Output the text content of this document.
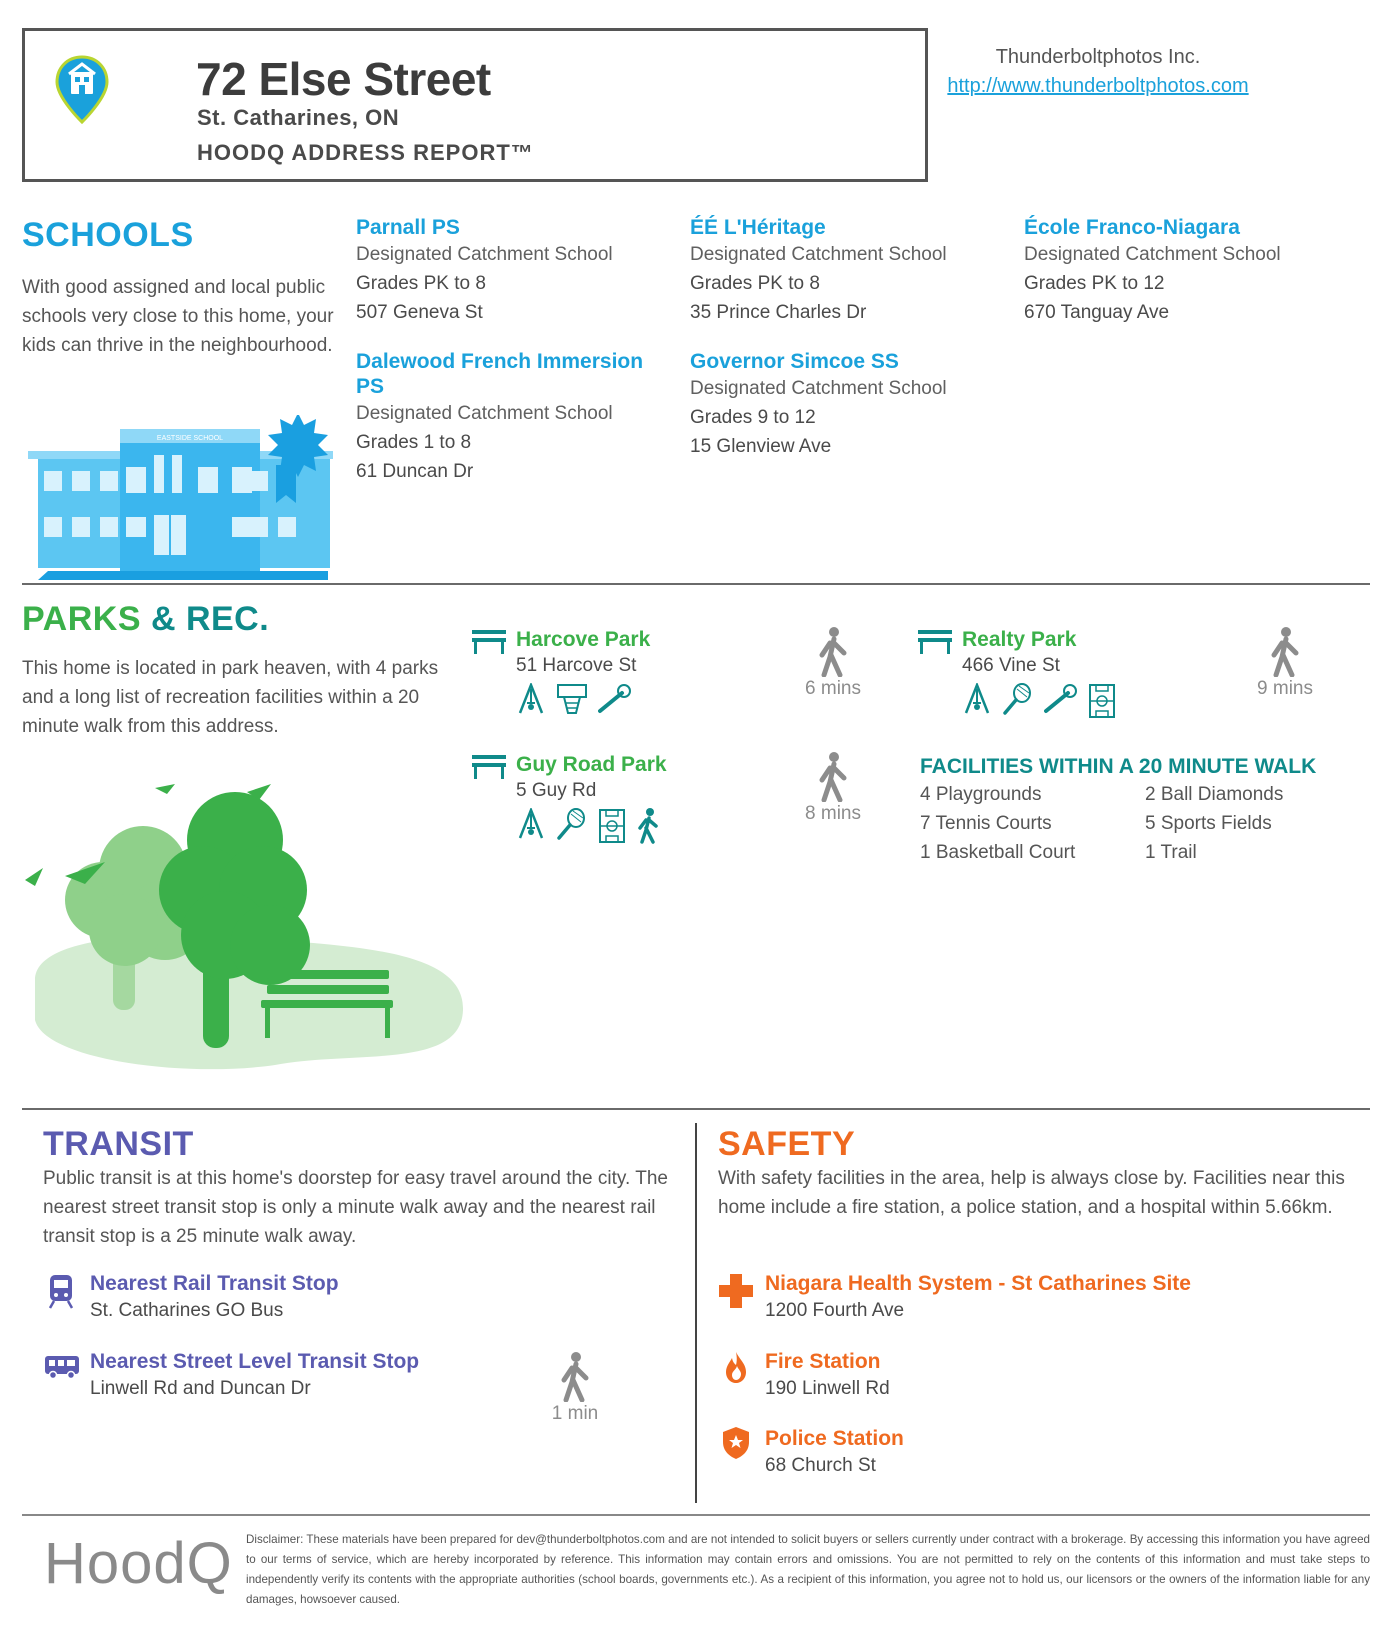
72 Else Street
St. Catharines, ON
HOODQ ADDRESS REPORT™
Thunderboltphotos Inc.
http://www.thunderboltphotos.com
SCHOOLS
With good assigned and local public schools very close to this home, your kids can thrive in the neighbourhood.
EASTSIDE SCHOOL
Parnall PS
Designated Catchment School
Grades PK to 8
507 Geneva St
ÉÉ L'Héritage
Designated Catchment School
Grades PK to 8
35 Prince Charles Dr
École Franco-Niagara
Designated Catchment School
Grades PK to 12
670 Tanguay Ave
Dalewood French Immersion PS
Designated Catchment School
Grades 1 to 8
61 Duncan Dr
Governor Simcoe SS
Designated Catchment School
Grades 9 to 12
15 Glenview Ave
PARKS & REC.
This home is located in park heaven, with 4 parks and a long list of recreation facilities within a 20 minute walk from this address.
Harcove Park
51 Harcove St
6 mins
Realty Park
466 Vine St
9 mins
Guy Road Park
5 Guy Rd
8 mins
FACILITIES WITHIN A 20 MINUTE WALK
4 Playgrounds	2 Ball Diamonds
7 Tennis Courts	5 Sports Fields
1 Basketball Court	1 Trail
TRANSIT
Public transit is at this home's doorstep for easy travel around the city. The nearest street transit stop is only a minute walk away and the nearest rail transit stop is a 25 minute walk away.
Nearest Rail Transit Stop
St. Catharines GO Bus
Nearest Street Level Transit Stop
Linwell Rd and Duncan Dr
1 min
SAFETY
With safety facilities in the area, help is always close by. Facilities near this home include a fire station, a police station, and a hospital within 5.66km.
Niagara Health System - St Catharines Site
1200 Fourth Ave
Fire Station
190 Linwell Rd
Police Station
68 Church St
HoodQ Disclaimer: These materials have been prepared for dev@thunderboltphotos.com and are not intended to solicit buyers or sellers currently under contract with a brokerage. By accessing this information you have agreed to our terms of service, which are hereby incorporated by reference. This information may contain errors and omissions. You are not permitted to rely on the contents of this information and must take steps to independently verify its contents with the appropriate authorities (school boards, governments etc.). As a recipient of this information, you agree not to hold us, our licensors or the owners of the information liable for any damages, howsoever caused.
